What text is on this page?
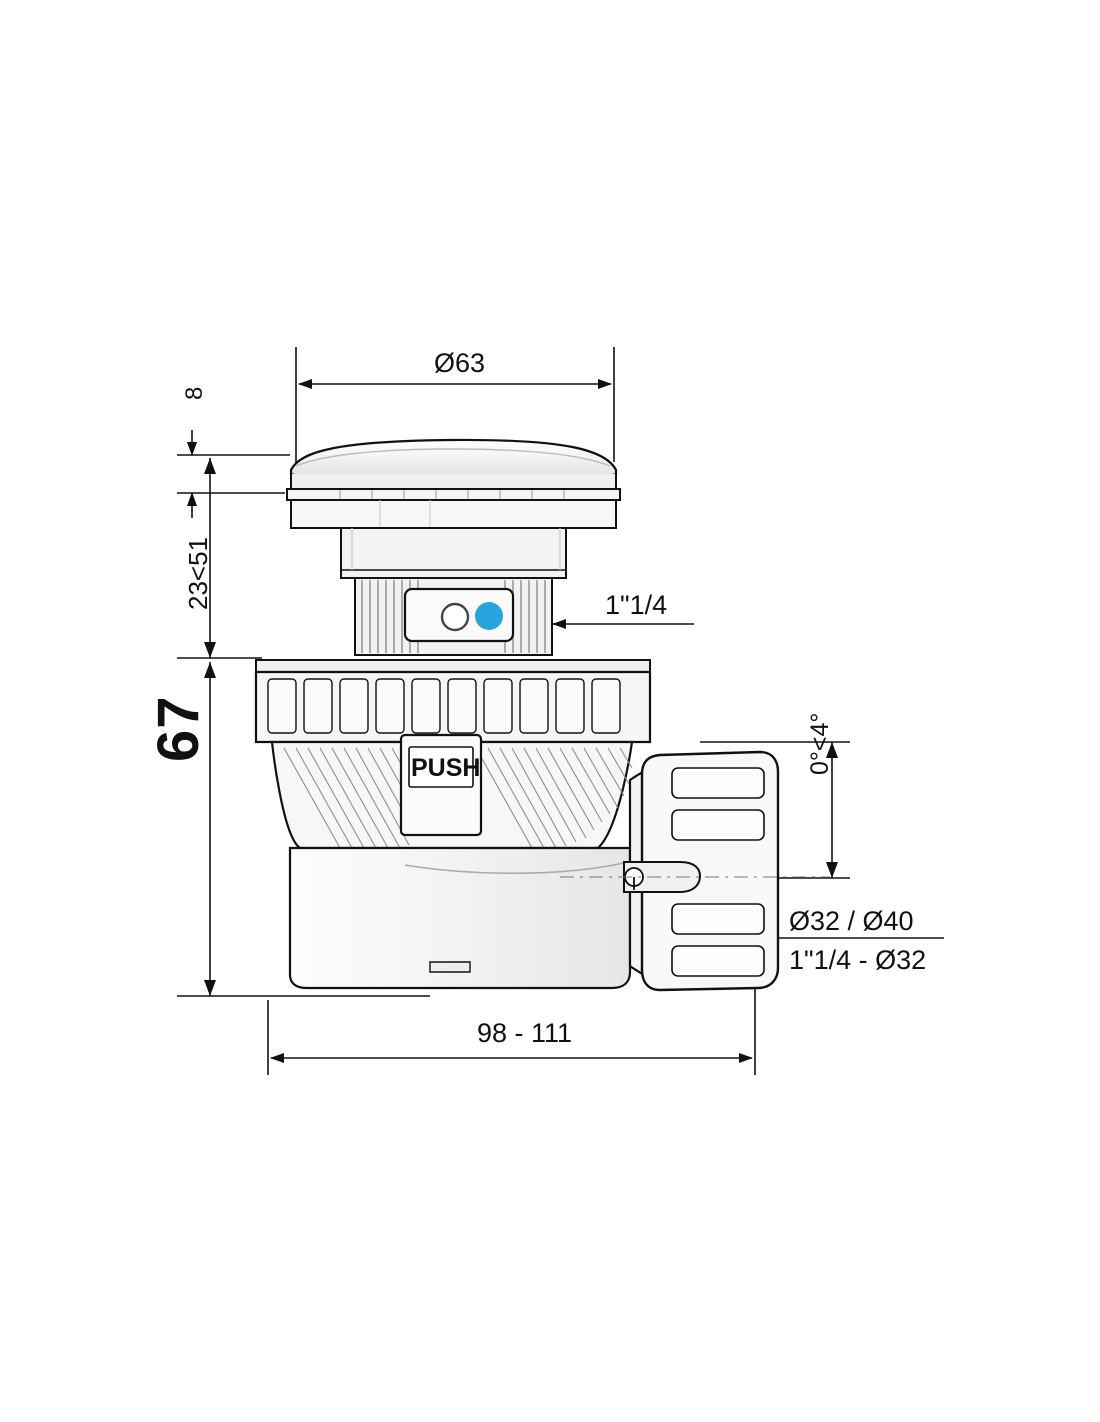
Ø63
8
23<51
67
1"1/4
0°<4°
Ø32 / Ø40
1"1/4 - Ø32
98 - 111
PUSH
